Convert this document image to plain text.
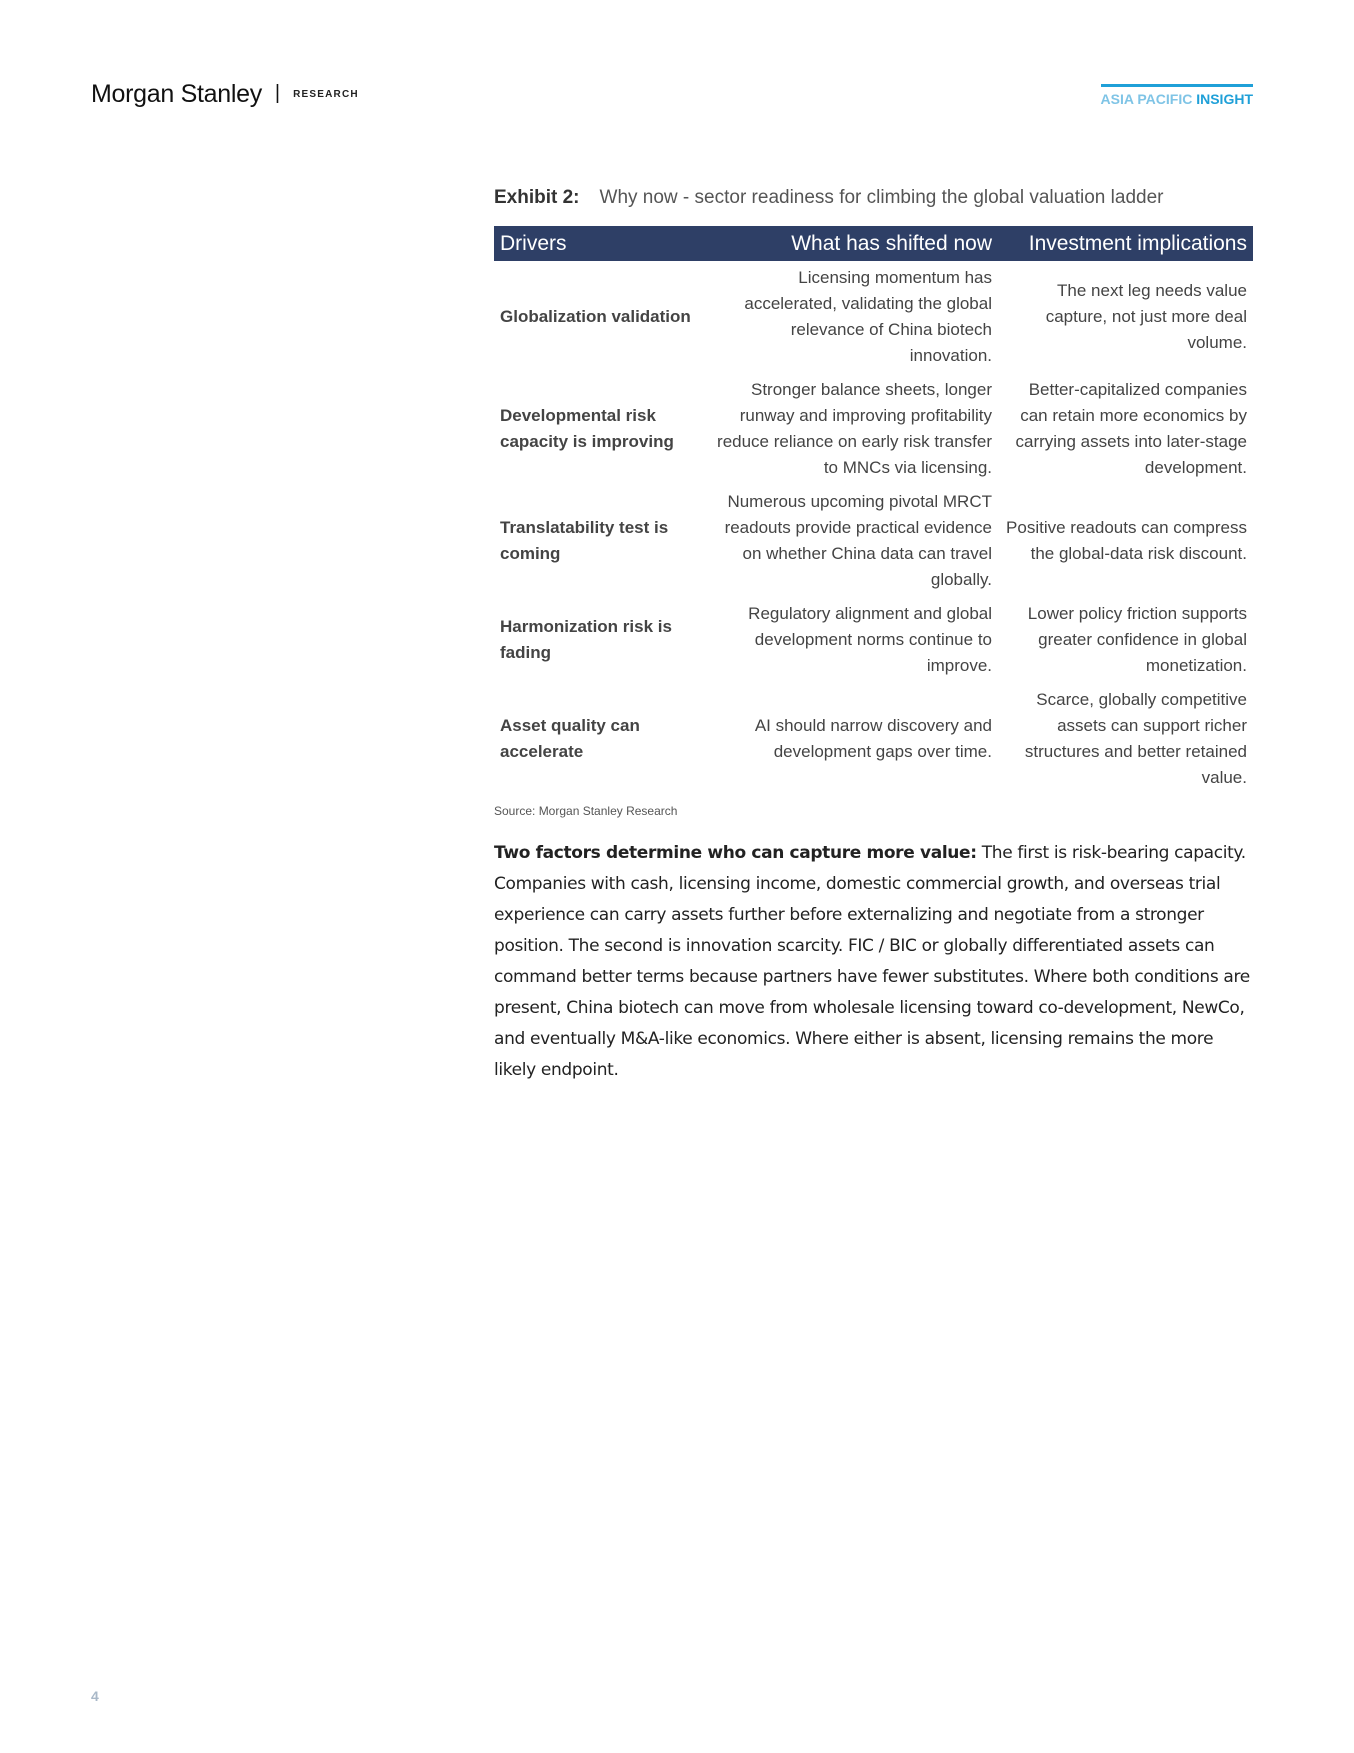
Morgan Stanley | RESEARCH	ASIA PACIFIC INSIGHT
Exhibit 2: Why now - sector readiness for climbing the global valuation ladder
Drivers	What has shifted now	Investment implications
Globalization validation	Licensing momentum has accelerated, validating the global relevance of China biotech innovation.	The next leg needs value capture, not just more deal volume.
Developmental risk capacity is improving	Stronger balance sheets, longer runway and improving profitability reduce reliance on early risk transfer to MNCs via licensing.	Better-capitalized companies can retain more economics by carrying assets into later-stage development.
Translatability test is coming	Numerous upcoming pivotal MRCT readouts provide practical evidence on whether China data can travel globally.	Positive readouts can compress the global-data risk discount.
Harmonization risk is fading	Regulatory alignment and global development norms continue to improve.	Lower policy friction supports greater confidence in global monetization.
Asset quality can accelerate	AI should narrow discovery and development gaps over time.	Scarce, globally competitive assets can support richer structures and better retained value.
Source: Morgan Stanley Research

Two factors determine who can capture more value: The first is risk-bearing capacity. Companies with cash, licensing income, domestic commercial growth, and overseas trial experience can carry assets further before externalizing and negotiate from a stronger position. The second is innovation scarcity. FIC / BIC or globally differentiated assets can command better terms because partners have fewer substitutes. Where both conditions are present, China biotech can move from wholesale licensing toward co-development, NewCo, and eventually M&A-like economics. Where either is absent, licensing remains the more likely endpoint.

4
